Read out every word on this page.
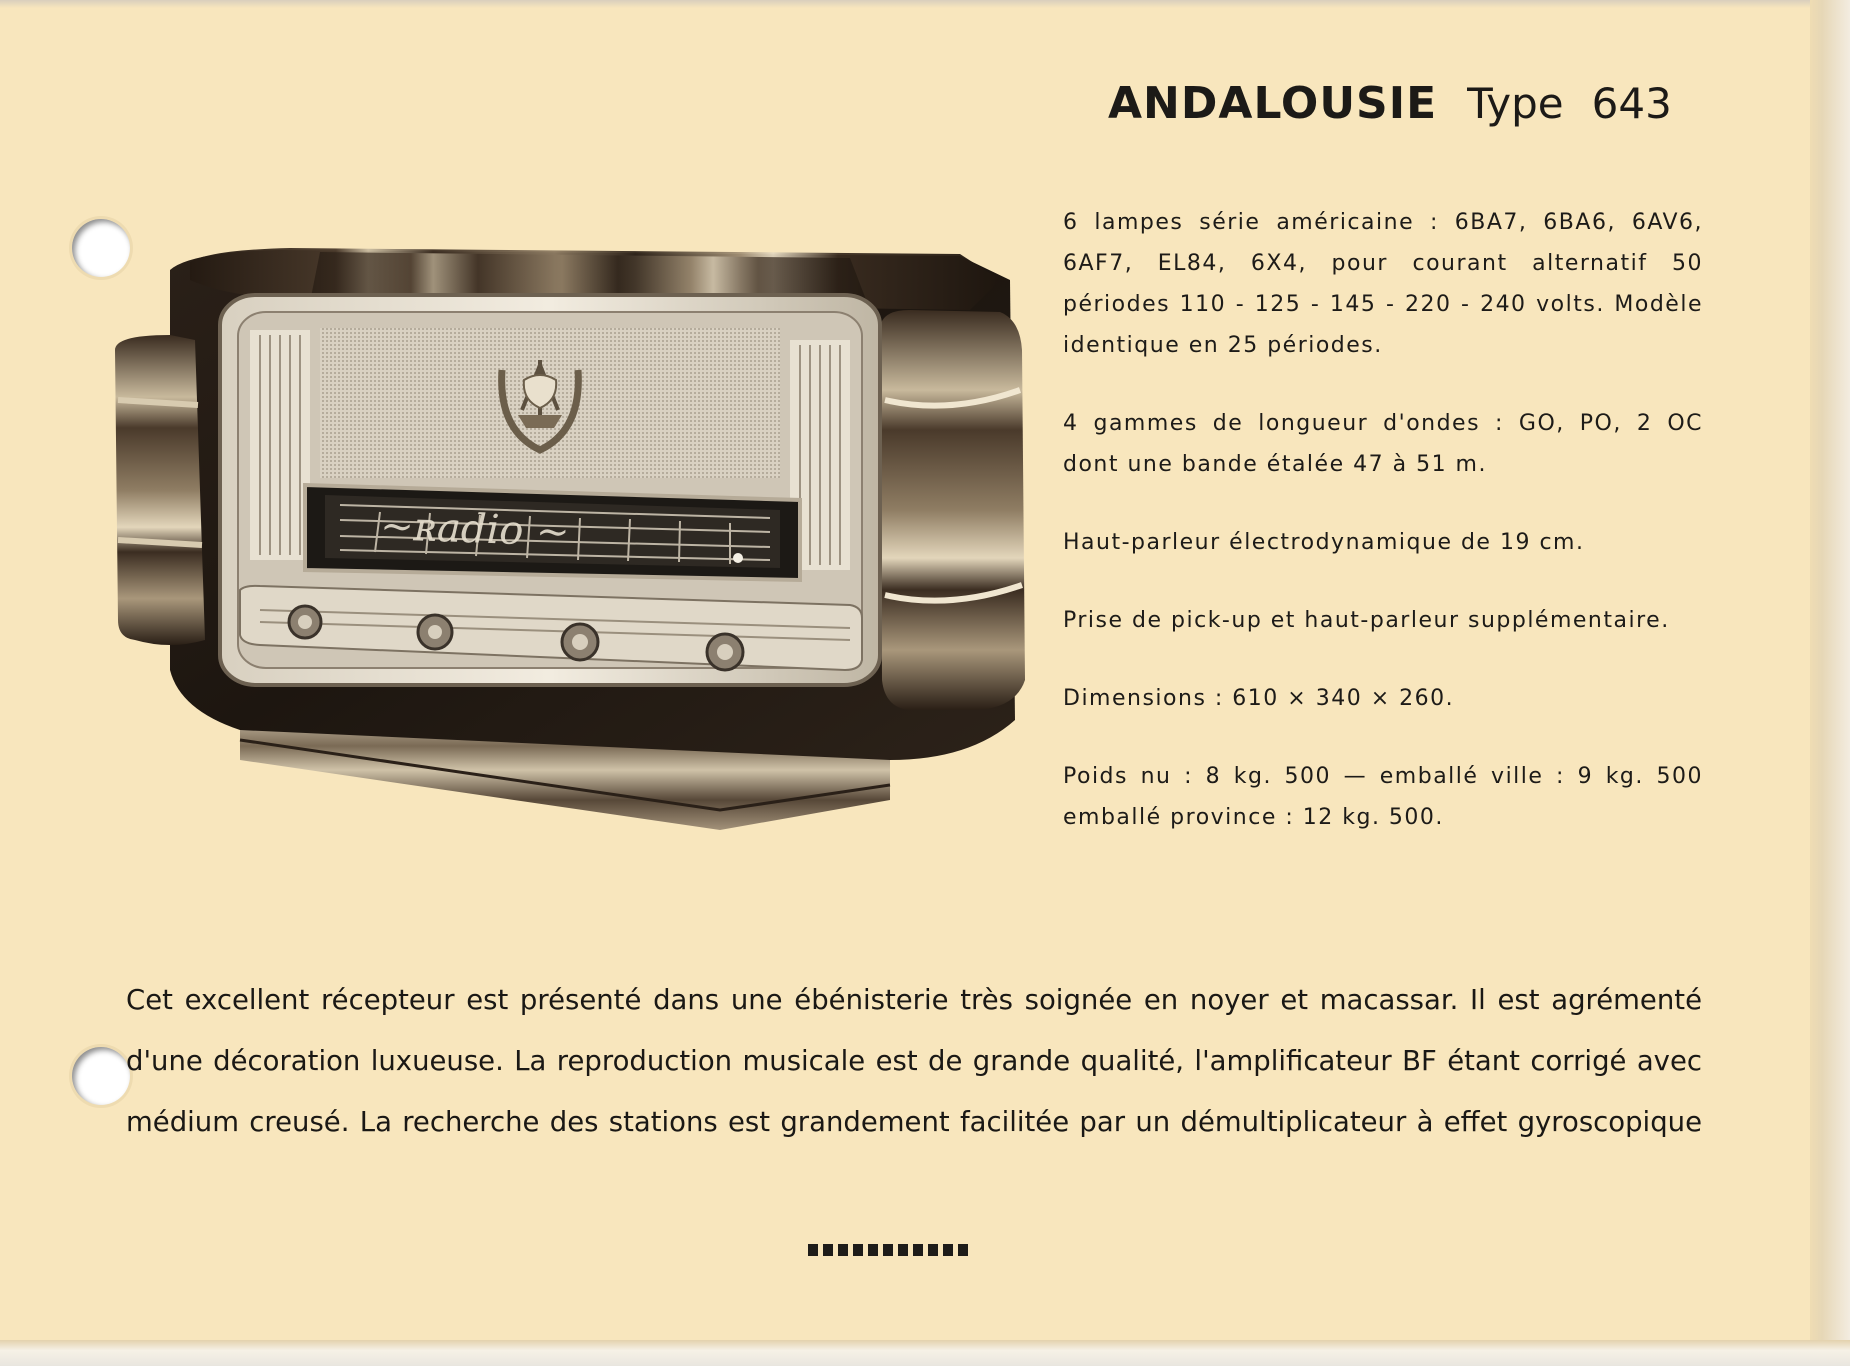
ANDALOUSIE Type 643
~ʀadio ~

6 lampes série américaine : 6BA7, 6BA6, 6AV6, 6AF7, EL84, 6X4, pour courant alternatif 50 périodes 110 - 125 - 145 - 220 - 240 volts. Modèle identique en 25 périodes.

4 gammes de longueur d'ondes : GO, PO, 2 OC dont une bande étalée 47 à 51 m.

Haut-parleur électrodynamique de 19 cm.

Prise de pick-up et haut-parleur supplémentaire.

Dimensions : 610 × 340 × 260.

Poids nu : 8 kg. 500 — emballé ville : 9 kg. 500 emballé province : 12 kg. 500.

Cet excellent récepteur est présenté dans une ébénisterie très soignée en noyer et macassar. Il est agrémenté d'une décoration luxueuse. La reproduction musicale est de grande qualité, l'amplificateur BF étant corrigé avec médium creusé. La recherche des stations est grandement facilitée par un démultiplicateur à effet gyroscopique
